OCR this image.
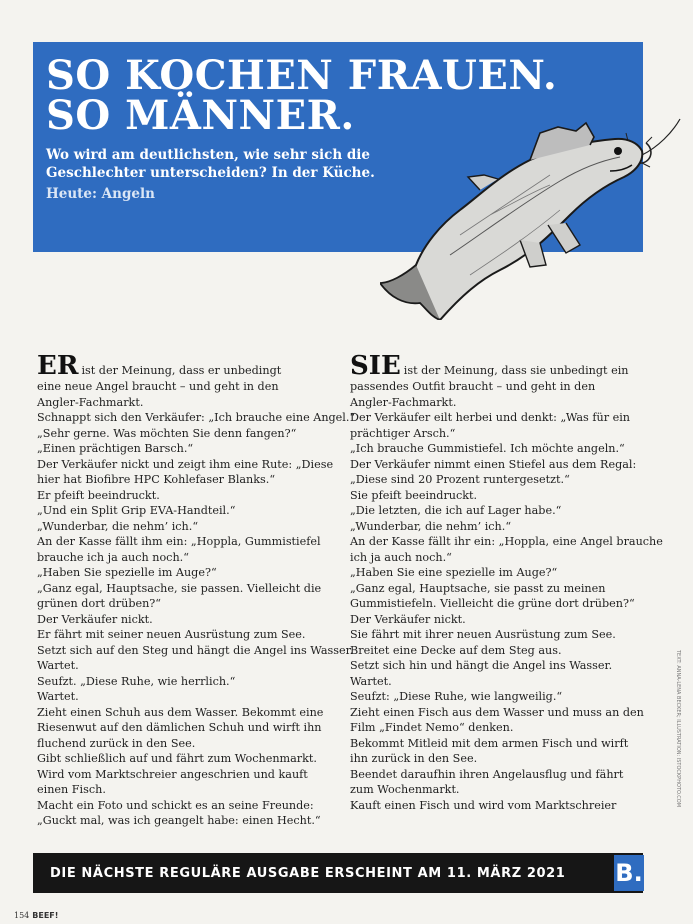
SO KOCHEN FRAUEN.
SO MÄNNER.
Wo wird am deutlichsten, wie sehr sich die Geschlechter unterscheiden? In der Küche.
Heute: Angeln
ER ist der Meinung, dass er unbedingt
eine neue Angel braucht – und geht in den
Angler-Fachmarkt.
Schnappt sich den Verkäufer: „Ich brauche eine Angel.“
„Sehr gerne. Was möchten Sie denn fangen?“
„Einen prächtigen Barsch.“
Der Verkäufer nickt und zeigt ihm eine Rute: „Diese
hier hat Biofibre HPC Kohlefaser Blanks.“
Er pfeift beeindruckt.
„Und ein Split Grip EVA-Handteil.“
„Wunderbar, die nehm’ ich.“
An der Kasse fällt ihm ein: „Hoppla, Gummistiefel
brauche ich ja auch noch.“
„Haben Sie spezielle im Auge?“
„Ganz egal, Hauptsache, sie passen. Vielleicht die
grünen dort drüben?“
Der Verkäufer nickt.
Er fährt mit seiner neuen Ausrüstung zum See.
Setzt sich auf den Steg und hängt die Angel ins Wasser.
Wartet.
Seufzt. „Diese Ruhe, wie herrlich.“
Wartet.
Zieht einen Schuh aus dem Wasser. Bekommt eine
Riesenwut auf den dämlichen Schuh und wirft ihn
fluchend zurück in den See.
Gibt schließlich auf und fährt zum Wochenmarkt.
Wird vom Marktschreier angeschrien und kauft
einen Fisch.
Macht ein Foto und schickt es an seine Freunde:
„Guckt mal, was ich geangelt habe: einen Hecht.“
SIE ist der Meinung, dass sie unbedingt ein
passendes Outfit braucht – und geht in den
Angler-Fachmarkt.
Der Verkäufer eilt herbei und denkt: „Was für ein
prächtiger Arsch.“
„Ich brauche Gummistiefel. Ich möchte angeln.“
Der Verkäufer nimmt einen Stiefel aus dem Regal:
„Diese sind 20 Prozent runtergesetzt.“
Sie pfeift beeindruckt.
„Die letzten, die ich auf Lager habe.“
„Wunderbar, die nehm’ ich.“
An der Kasse fällt ihr ein: „Hoppla, eine Angel brauche
ich ja auch noch.“
„Haben Sie eine spezielle im Auge?“
„Ganz egal, Hauptsache, sie passt zu meinen
Gummistiefeln. Vielleicht die grüne dort drüben?“
Der Verkäufer nickt.
Sie fährt mit ihrer neuen Ausrüstung zum See.
Breitet eine Decke auf dem Steg aus.
Setzt sich hin und hängt die Angel ins Wasser.
Wartet.
Seufzt: „Diese Ruhe, wie langweilig.“
Zieht einen Fisch aus dem Wasser und muss an den
Film „Findet Nemo“ denken.
Bekommt Mitleid mit dem armen Fisch und wirft
ihn zurück in den See.
Beendet daraufhin ihren Angelausflug und fährt
zum Wochenmarkt.
Kauft einen Fisch und wird vom Marktschreier	TEXT: ANNA-LENA BECKER; ILLUSTRATION: ISTOCKPHOTO.COM
DIE NÄCHSTE REGULÄRE AUSGABE ERSCHEINT AM 11. MÄRZ 2021 B.
154 BEEF!
